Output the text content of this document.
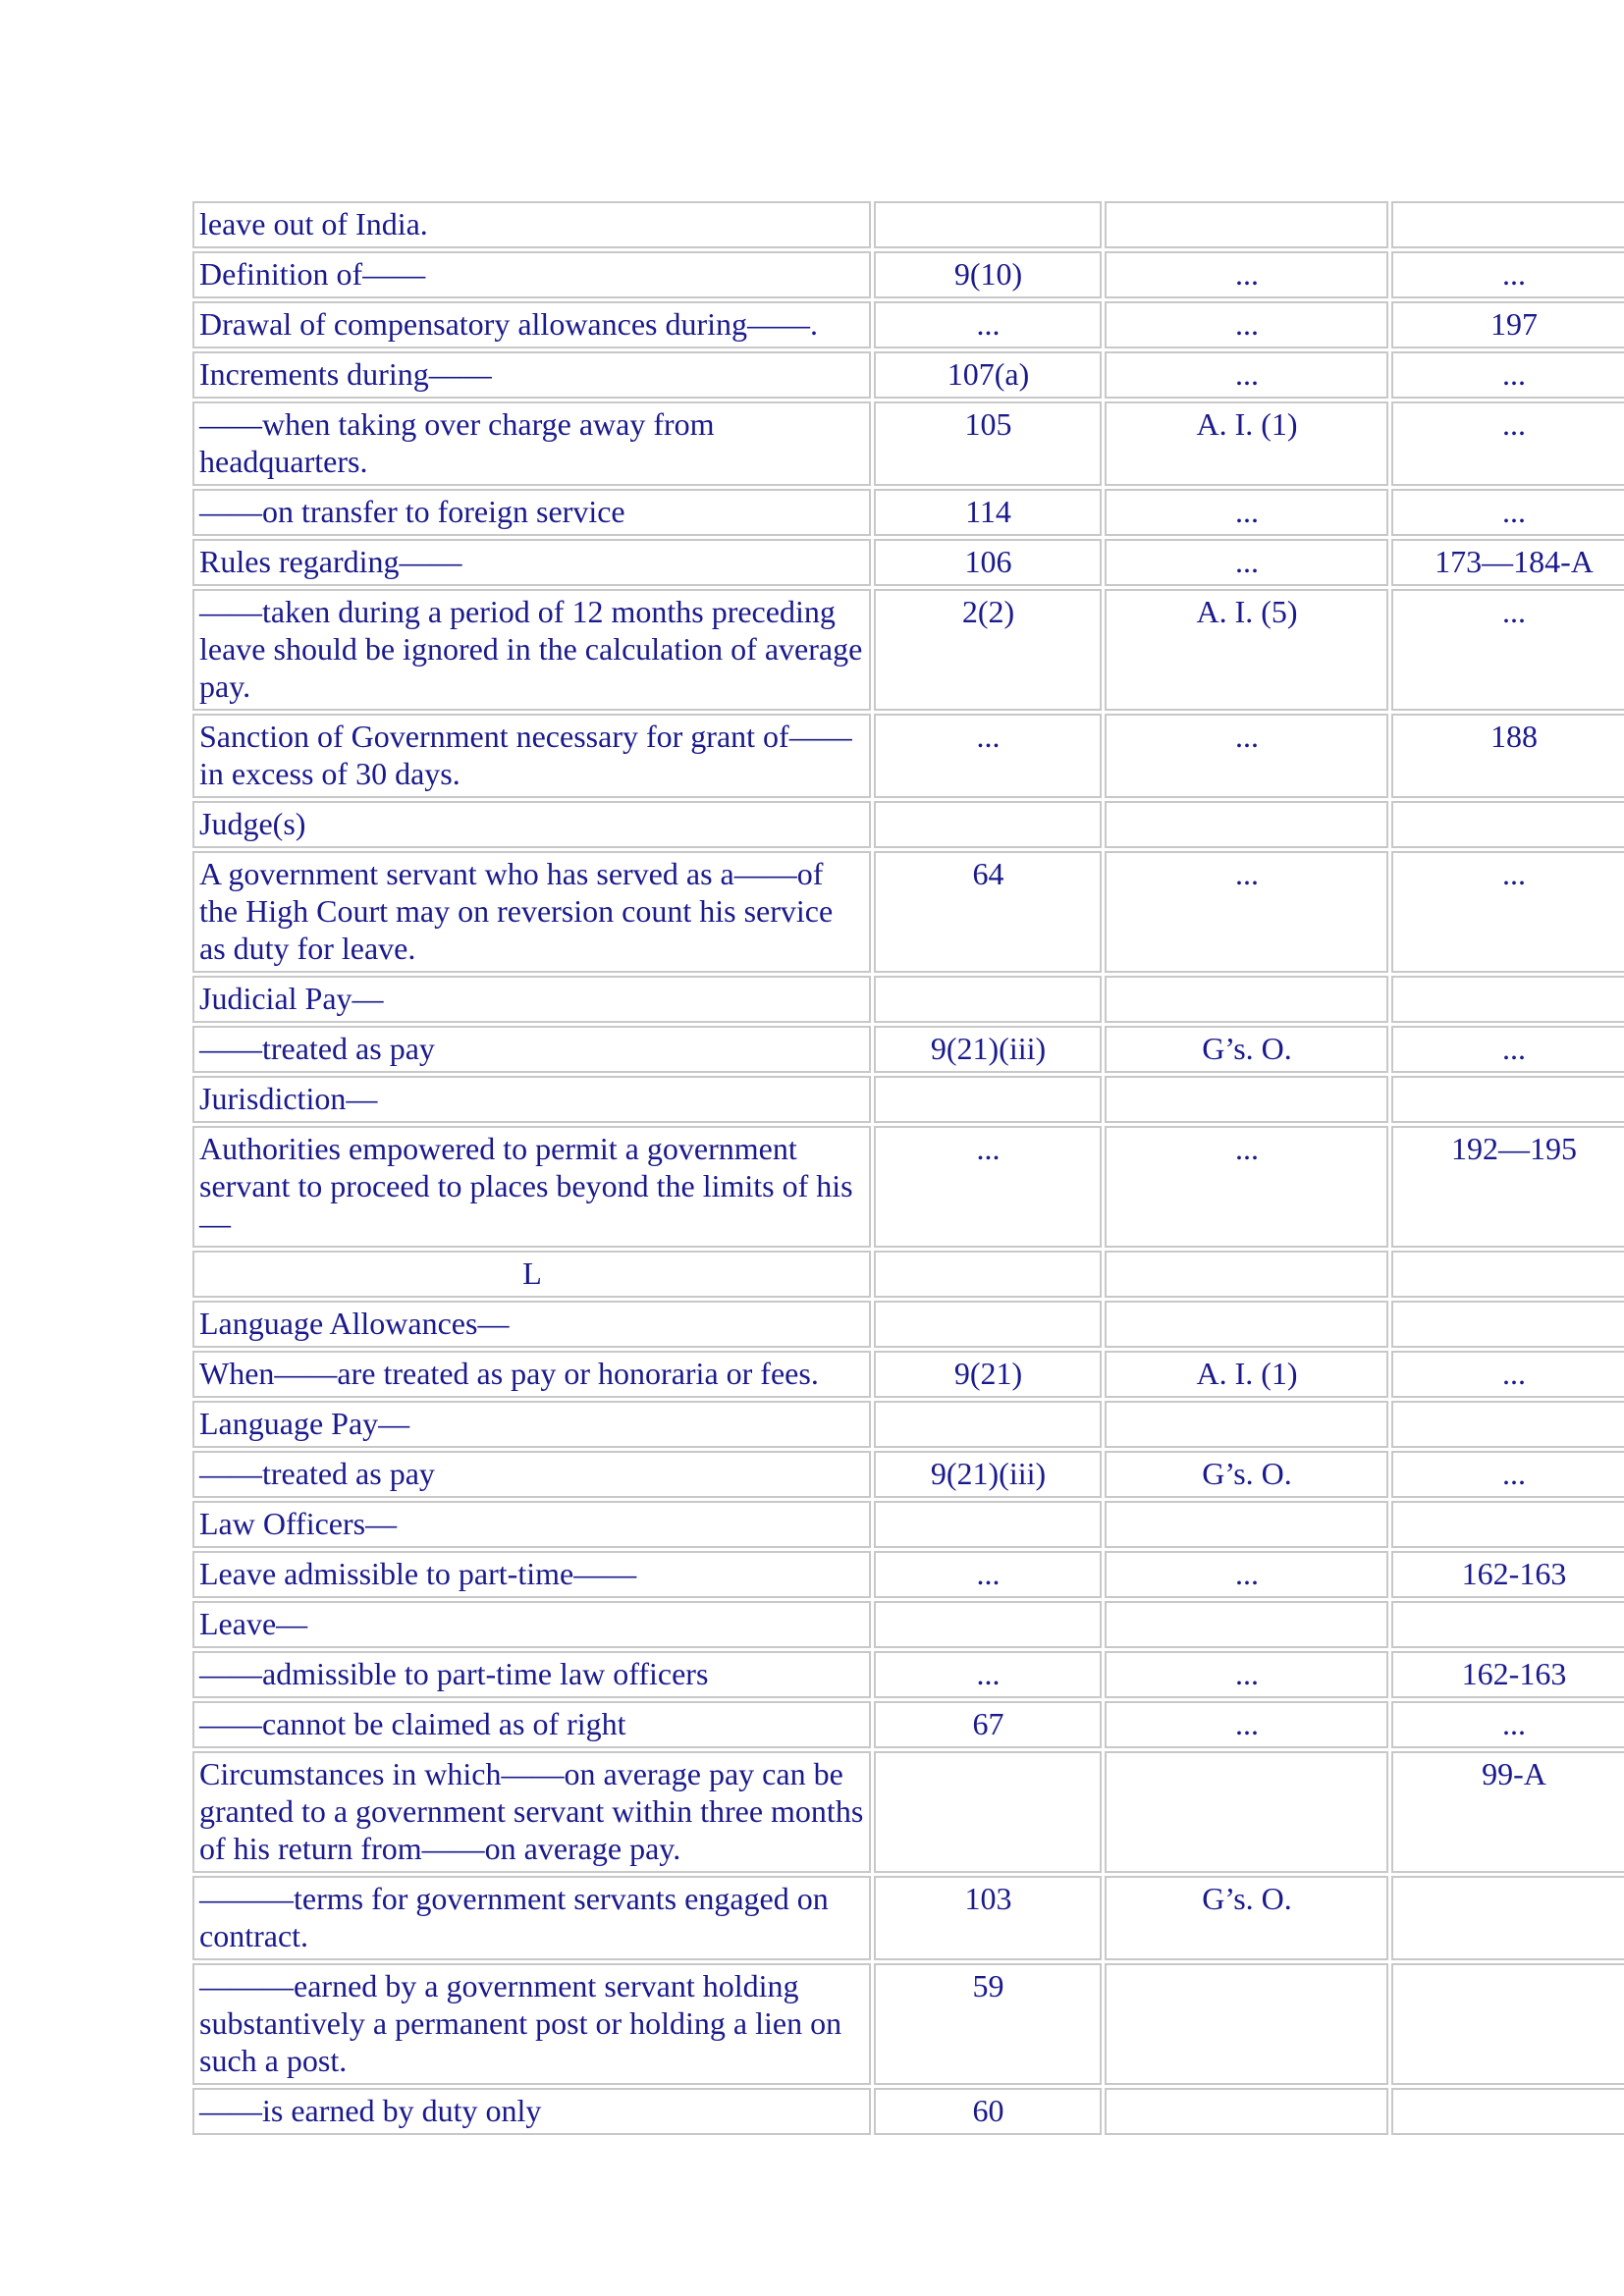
leave out of India.			
Definition of——	9(10)	...	...
Drawal of compensatory allowances during——.	...	...	197
Increments during——	107(a)	...	...
——when taking over charge away from headquarters.	105	A. I. (1)	...
——on transfer to foreign service	114	...	...
Rules regarding——	106	...	173—184-A
——taken during a period of 12 months preceding leave should be ignored in the calculation of average pay.	2(2)	A. I. (5)	...
Sanction of Government necessary for grant of——in excess of 30 days.	...	...	188
Judge(s)			
A government servant who has served as a——of the High Court may on reversion count his service as duty for leave.	64	...	...
Judicial Pay—			
——treated as pay	9(21)(iii)	G’s. O.	...
Jurisdiction—			
Authorities empowered to permit a government servant to proceed to places beyond the limits of his—	...	...	192—195
L			
Language Allowances—			
When——are treated as pay or honoraria or fees.	9(21)	A. I. (1)	...
Language Pay—			
——treated as pay	9(21)(iii)	G’s. O.	...
Law Officers—			
Leave admissible to part-time——	...	...	162-163
Leave—			
——admissible to part-time law officers	...	...	162-163
——cannot be claimed as of right	67	...	...
Circumstances in which——on average pay can be granted to a government servant within three months of his return from——on average pay.			99-A
———terms for government servants engaged on contract.	103	G’s. O.	
———earned by a government servant holding substantively a permanent post or holding a lien on such a post.	59		
——is earned by duty only	60		
